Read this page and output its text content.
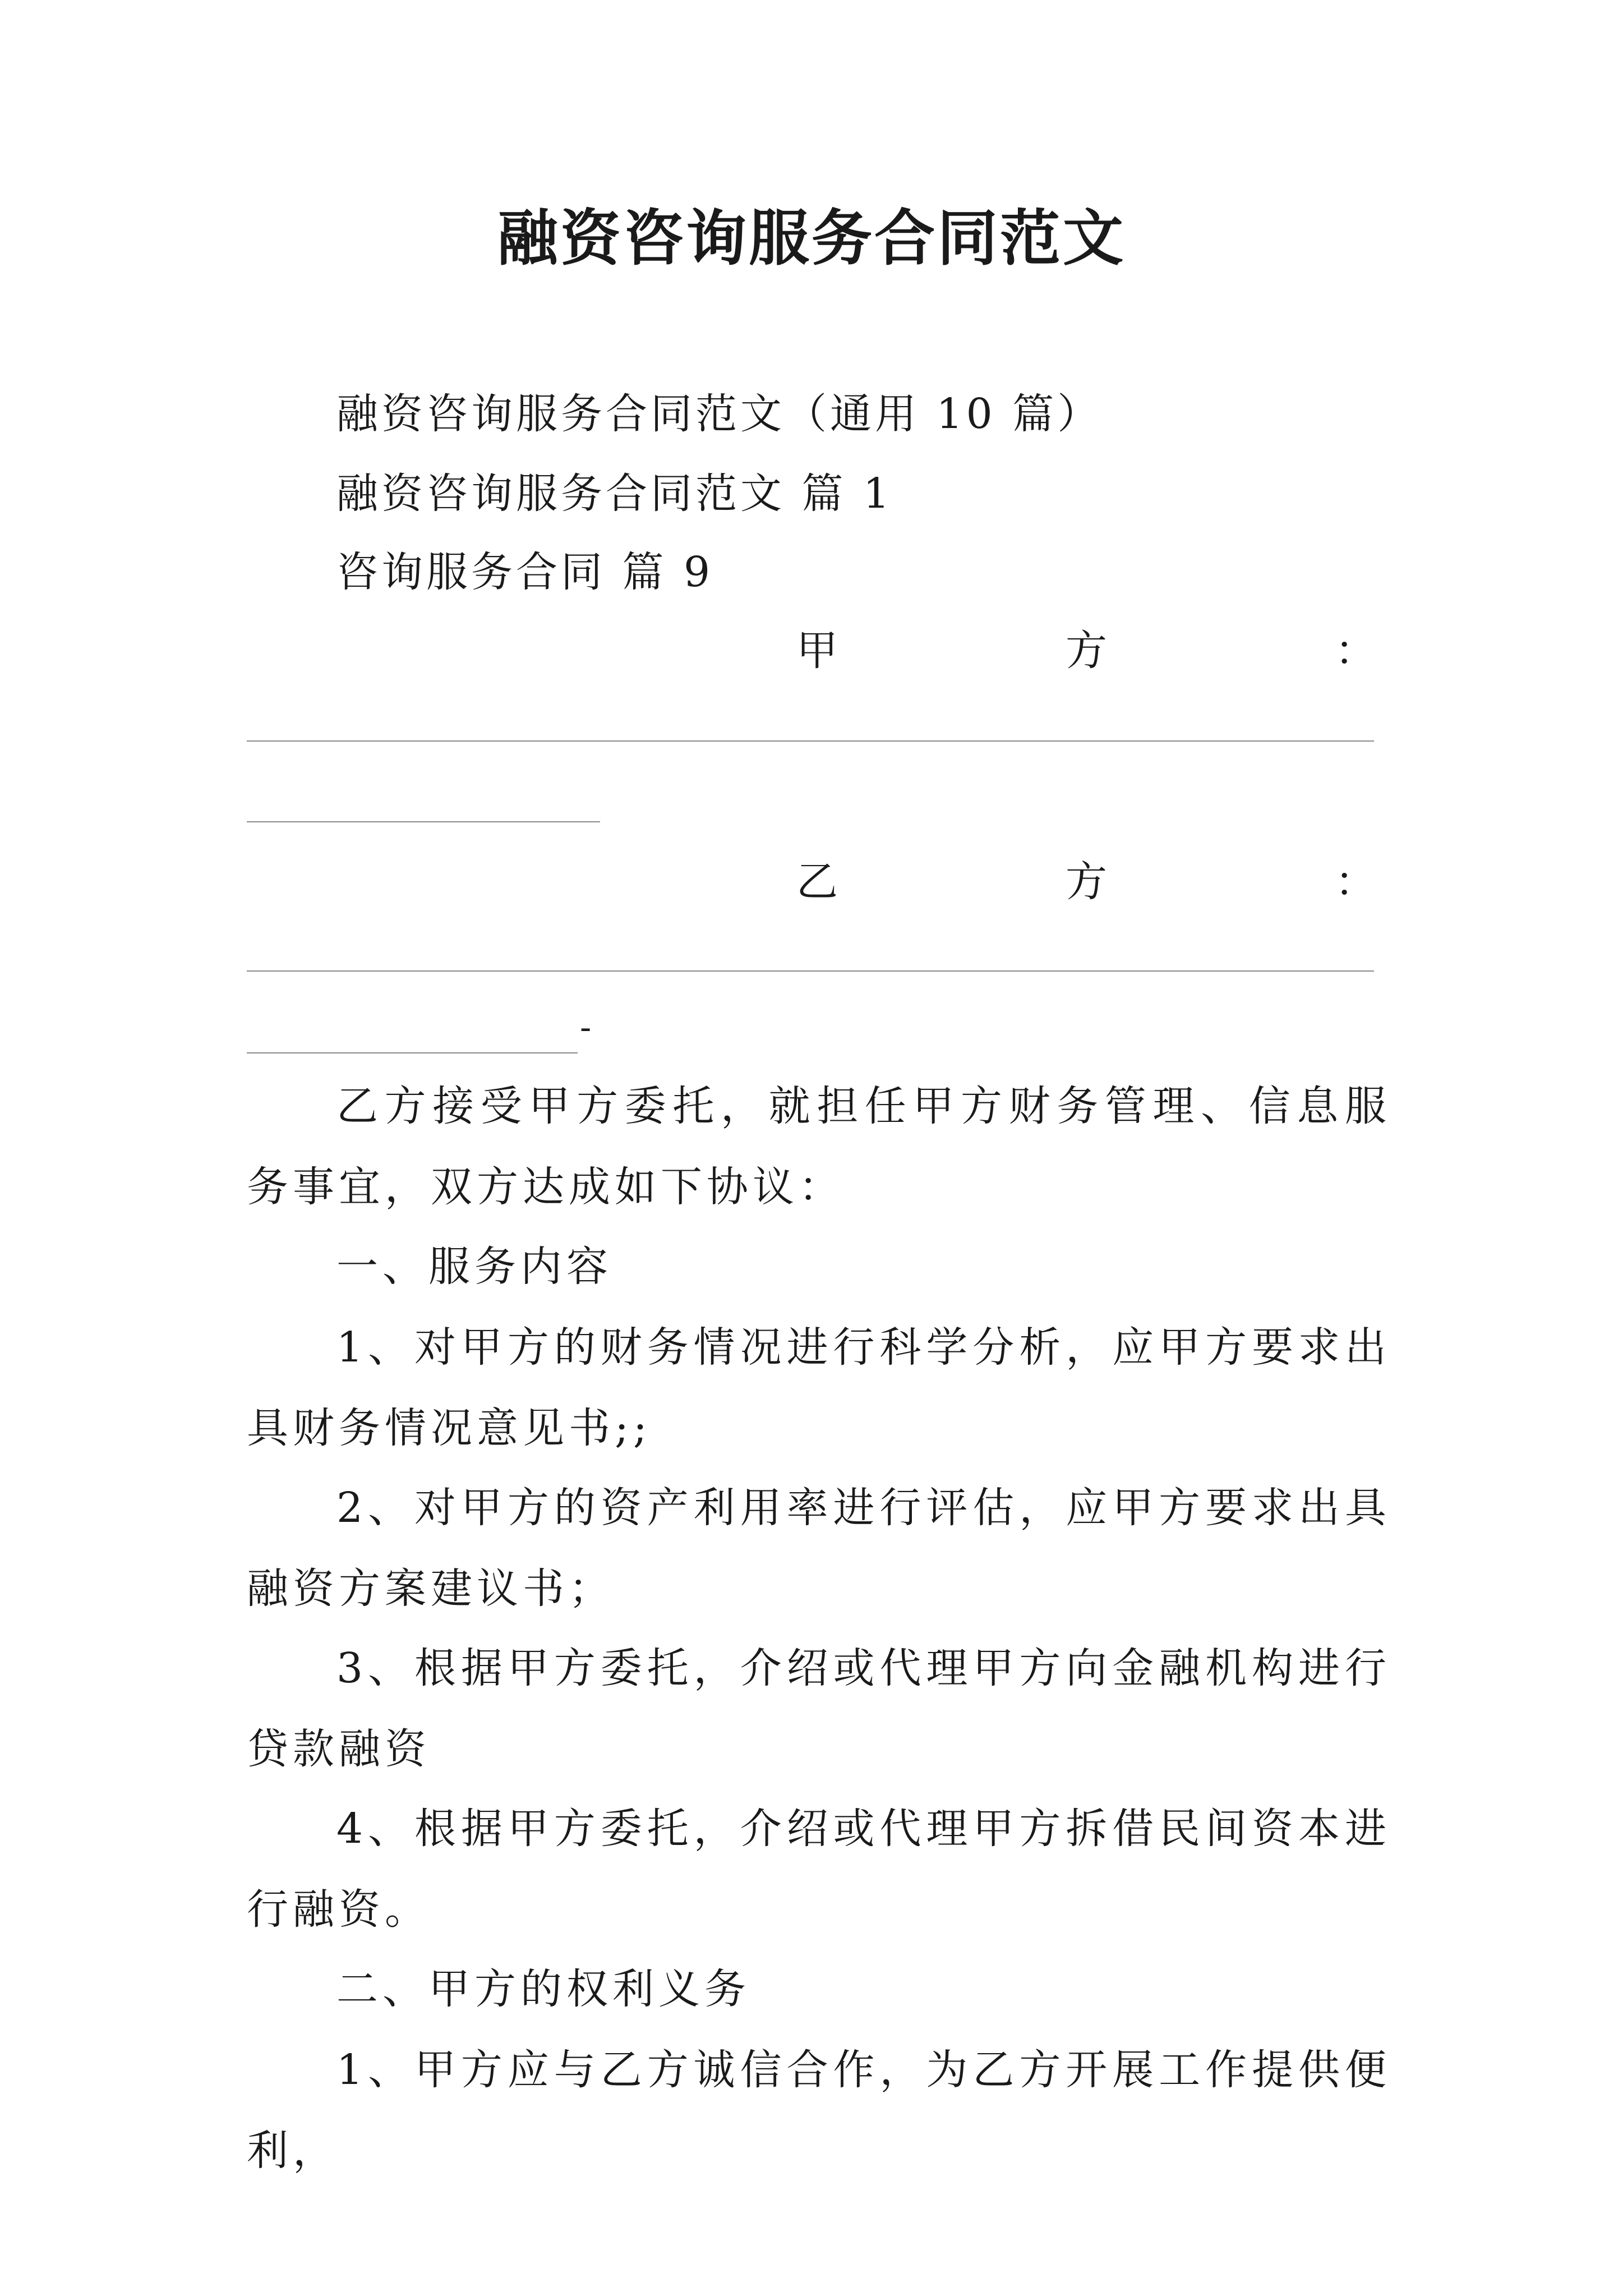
融资咨询服务合同范文
融资咨询服务合同范文（通用 10 篇）
融资咨询服务合同范文 篇 1
咨询服务合同 篇 9
甲	方	：
乙	方	：
-
乙方接受甲方委托，就担任甲方财务管理、信息服务事宜，双方达成如下协议：
一、服务内容
1、对甲方的财务情况进行科学分析，应甲方要求出具财务情况意见书;;
2、对甲方的资产利用率进行评估，应甲方要求出具融资方案建议书；
3、根据甲方委托，介绍或代理甲方向金融机构进行贷款融资
4、根据甲方委托，介绍或代理甲方拆借民间资本进行融资。
二、甲方的权利义务
1、甲方应与乙方诚信合作，为乙方开展工作提供便利，
